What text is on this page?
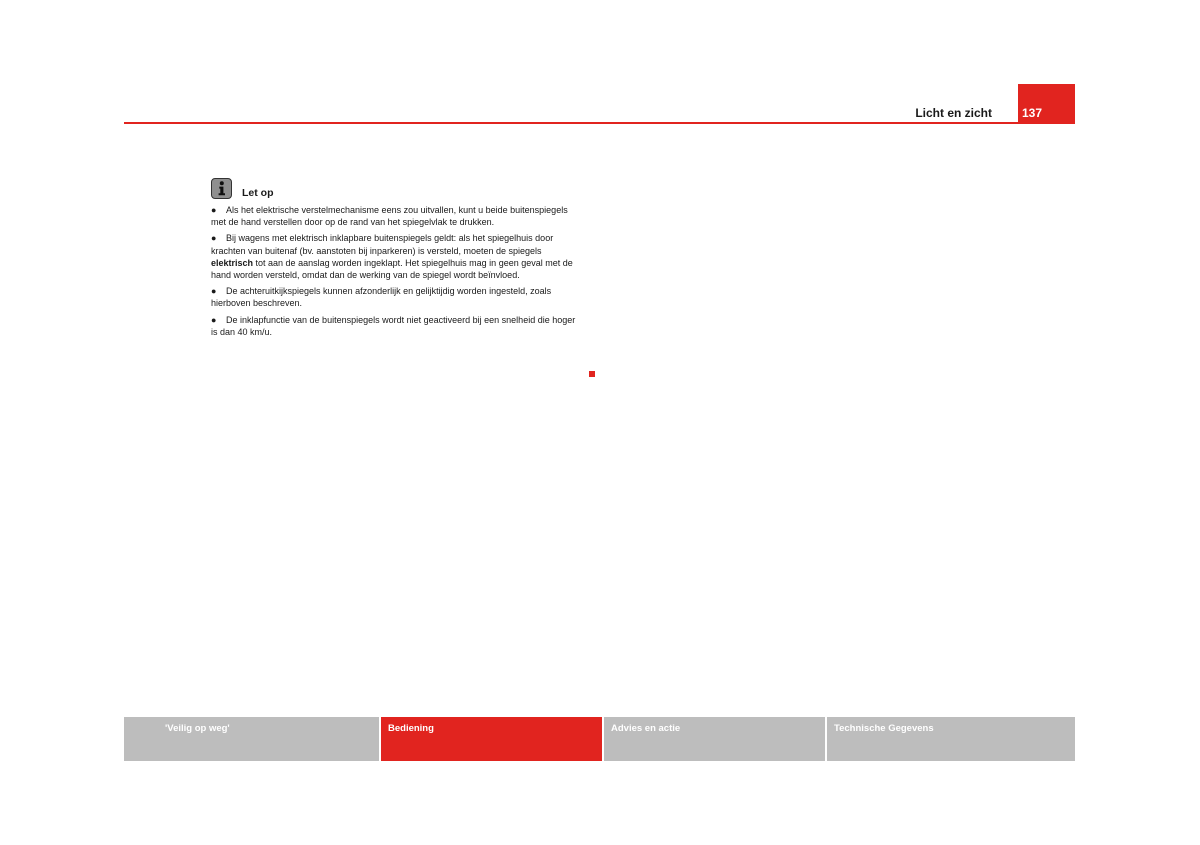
Licht en zicht	137
Let op
● Als het elektrische verstelmechanisme eens zou uitvallen, kunt u beide buitenspiegels met de hand verstellen door op de rand van het spiegelvlak te drukken.
● Bij wagens met elektrisch inklapbare buitenspiegels geldt: als het spiegelhuis door krachten van buitenaf (bv. aanstoten bij inparkeren) is versteld, moeten de spiegels elektrisch tot aan de aanslag worden ingeklapt. Het spiegelhuis mag in geen geval met de hand worden versteld, omdat dan de werking van de spiegel wordt beïnvloed.
● De achteruitkijkspiegels kunnen afzonderlijk en gelijktijdig worden ingesteld, zoals hierboven beschreven.
● De inklapfunctie van de buitenspiegels wordt niet geactiveerd bij een snelheid die hoger is dan 40 km/u.
'Veilig op weg'	Bediening	Advies en actie	Technische Gegevens
